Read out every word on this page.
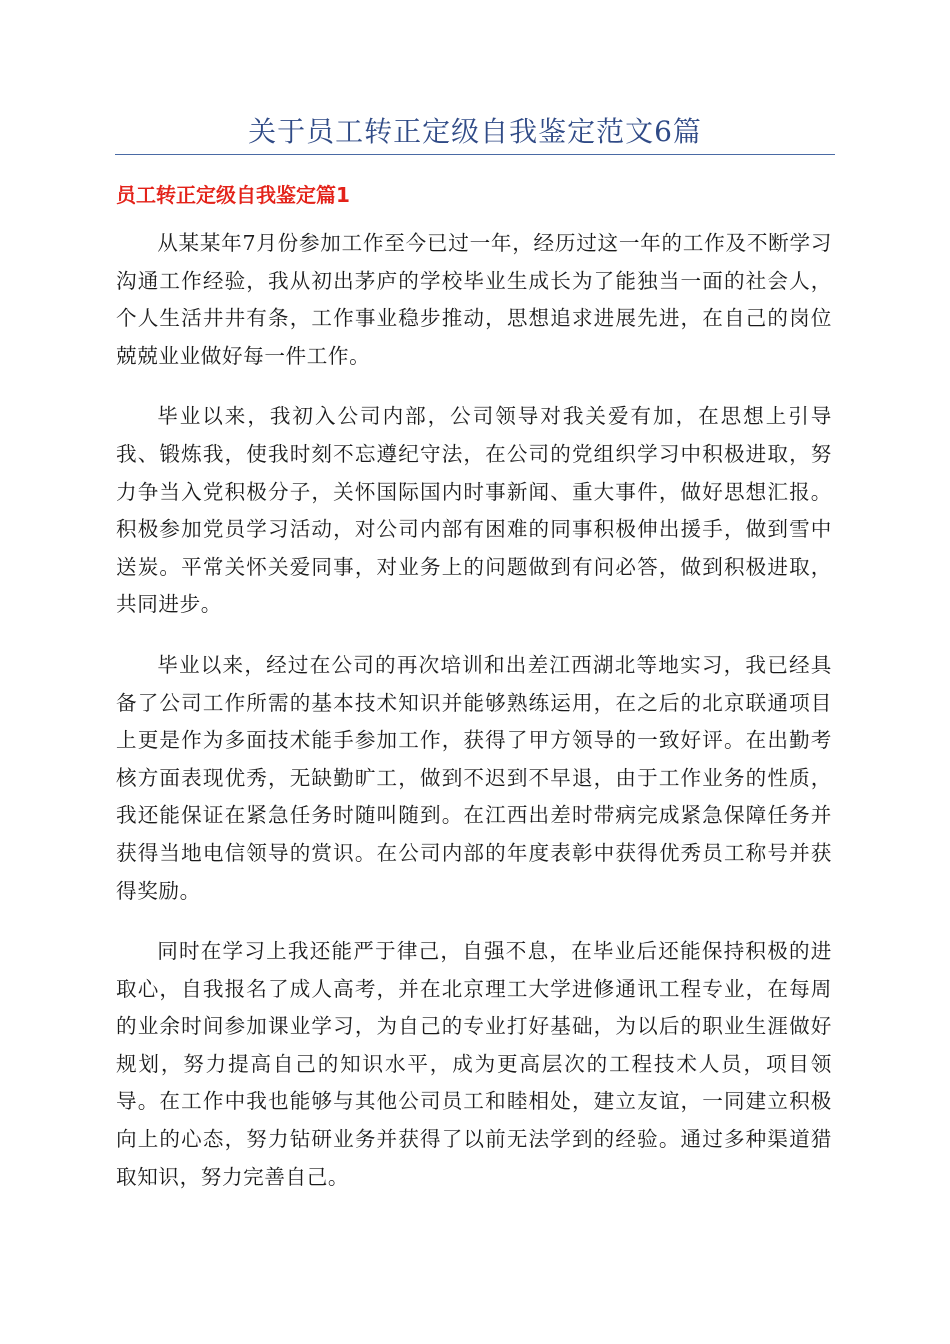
关于员工转正定级自我鉴定范文6篇
员工转正定级自我鉴定篇1

从某某年7月份参加工作至今已过一年，经历过这一年的工作及不断学习沟通工作经验，我从初出茅庐的学校毕业生成长为了能独当一面的社会人，个人生活井井有条，工作事业稳步推动，思想追求进展先进，在自己的岗位兢兢业业做好每一件工作。

毕业以来，我初入公司内部，公司领导对我关爱有加，在思想上引导我、锻炼我，使我时刻不忘遵纪守法，在公司的党组织学习中积极进取，努力争当入党积极分子，关怀国际国内时事新闻、重大事件，做好思想汇报。积极参加党员学习活动，对公司内部有困难的同事积极伸出援手，做到雪中送炭。平常关怀关爱同事，对业务上的问题做到有问必答，做到积极进取，共同进步。

毕业以来，经过在公司的再次培训和出差江西湖北等地实习，我已经具备了公司工作所需的基本技术知识并能够熟练运用，在之后的北京联通项目上更是作为多面技术能手参加工作，获得了甲方领导的一致好评。在出勤考核方面表现优秀，无缺勤旷工，做到不迟到不早退，由于工作业务的性质，我还能保证在紧急任务时随叫随到。在江西出差时带病完成紧急保障任务并获得当地电信领导的赏识。在公司内部的年度表彰中获得优秀员工称号并获得奖励。

同时在学习上我还能严于律己，自强不息，在毕业后还能保持积极的进取心，自我报名了成人高考，并在北京理工大学进修通讯工程专业，在每周的业余时间参加课业学习，为自己的专业打好基础，为以后的职业生涯做好规划，努力提高自己的知识水平，成为更高层次的工程技术人员，项目领导。在工作中我也能够与其他公司员工和睦相处，建立友谊，一同建立积极向上的心态，努力钻研业务并获得了以前无法学到的经验。通过多种渠道猎取知识，努力完善自己。
